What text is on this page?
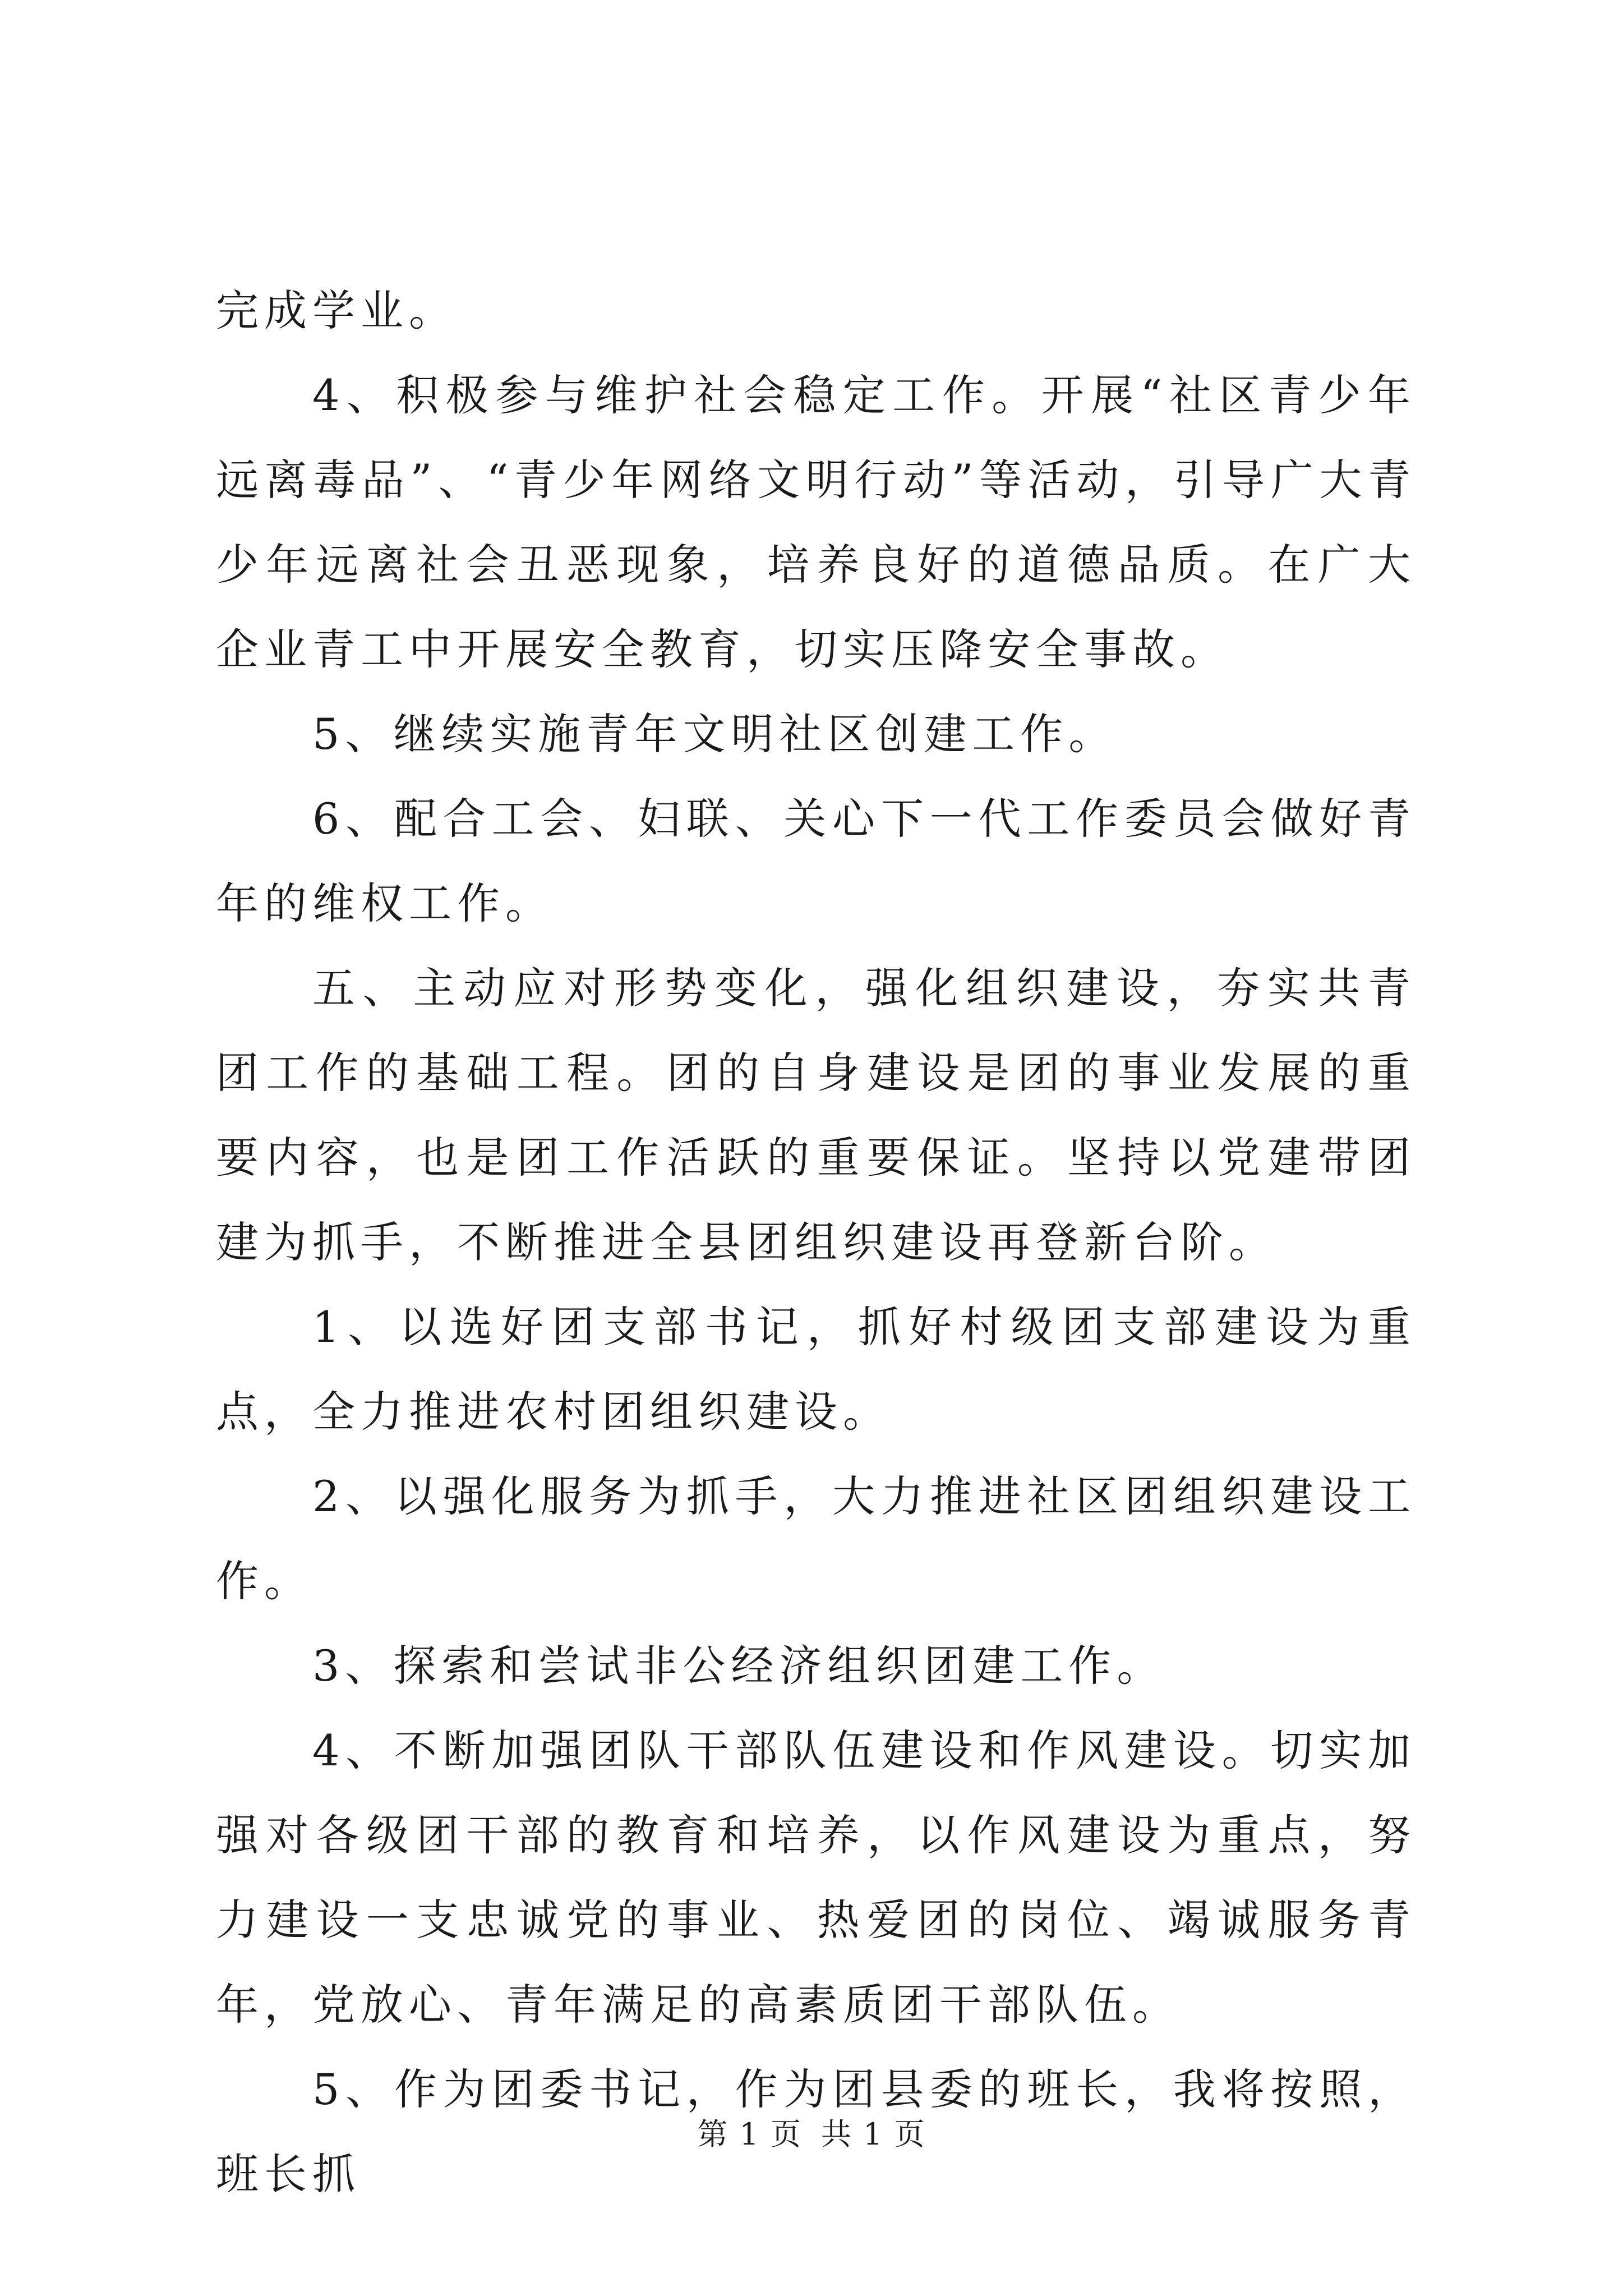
完成学业。

4、积极参与维护社会稳定工作。开展“社区青少年远离毒品”、“青少年网络文明行动”等活动，引导广大青少年远离社会丑恶现象，培养良好的道德品质。在广大企业青工中开展安全教育，切实压降安全事故。

5、继续实施青年文明社区创建工作。

6、配合工会、妇联、关心下一代工作委员会做好青年的维权工作。

五、主动应对形势变化，强化组织建设，夯实共青团工作的基础工程。团的自身建设是团的事业发展的重要内容，也是团工作活跃的重要保证。坚持以党建带团建为抓手，不断推进全县团组织建设再登新台阶。

1、以选好团支部书记，抓好村级团支部建设为重点，全力推进农村团组织建设。

2、以强化服务为抓手，大力推进社区团组织建设工作。

3、探索和尝试非公经济组织团建工作。

4、不断加强团队干部队伍建设和作风建设。切实加强对各级团干部的教育和培养，以作风建设为重点，努力建设一支忠诚党的事业、热爱团的岗位、竭诚服务青年，党放心、青年满足的高素质团干部队伍。

5、作为团委书记，作为团县委的班长，我将按照，班长抓

第 1 页 共 1 页
